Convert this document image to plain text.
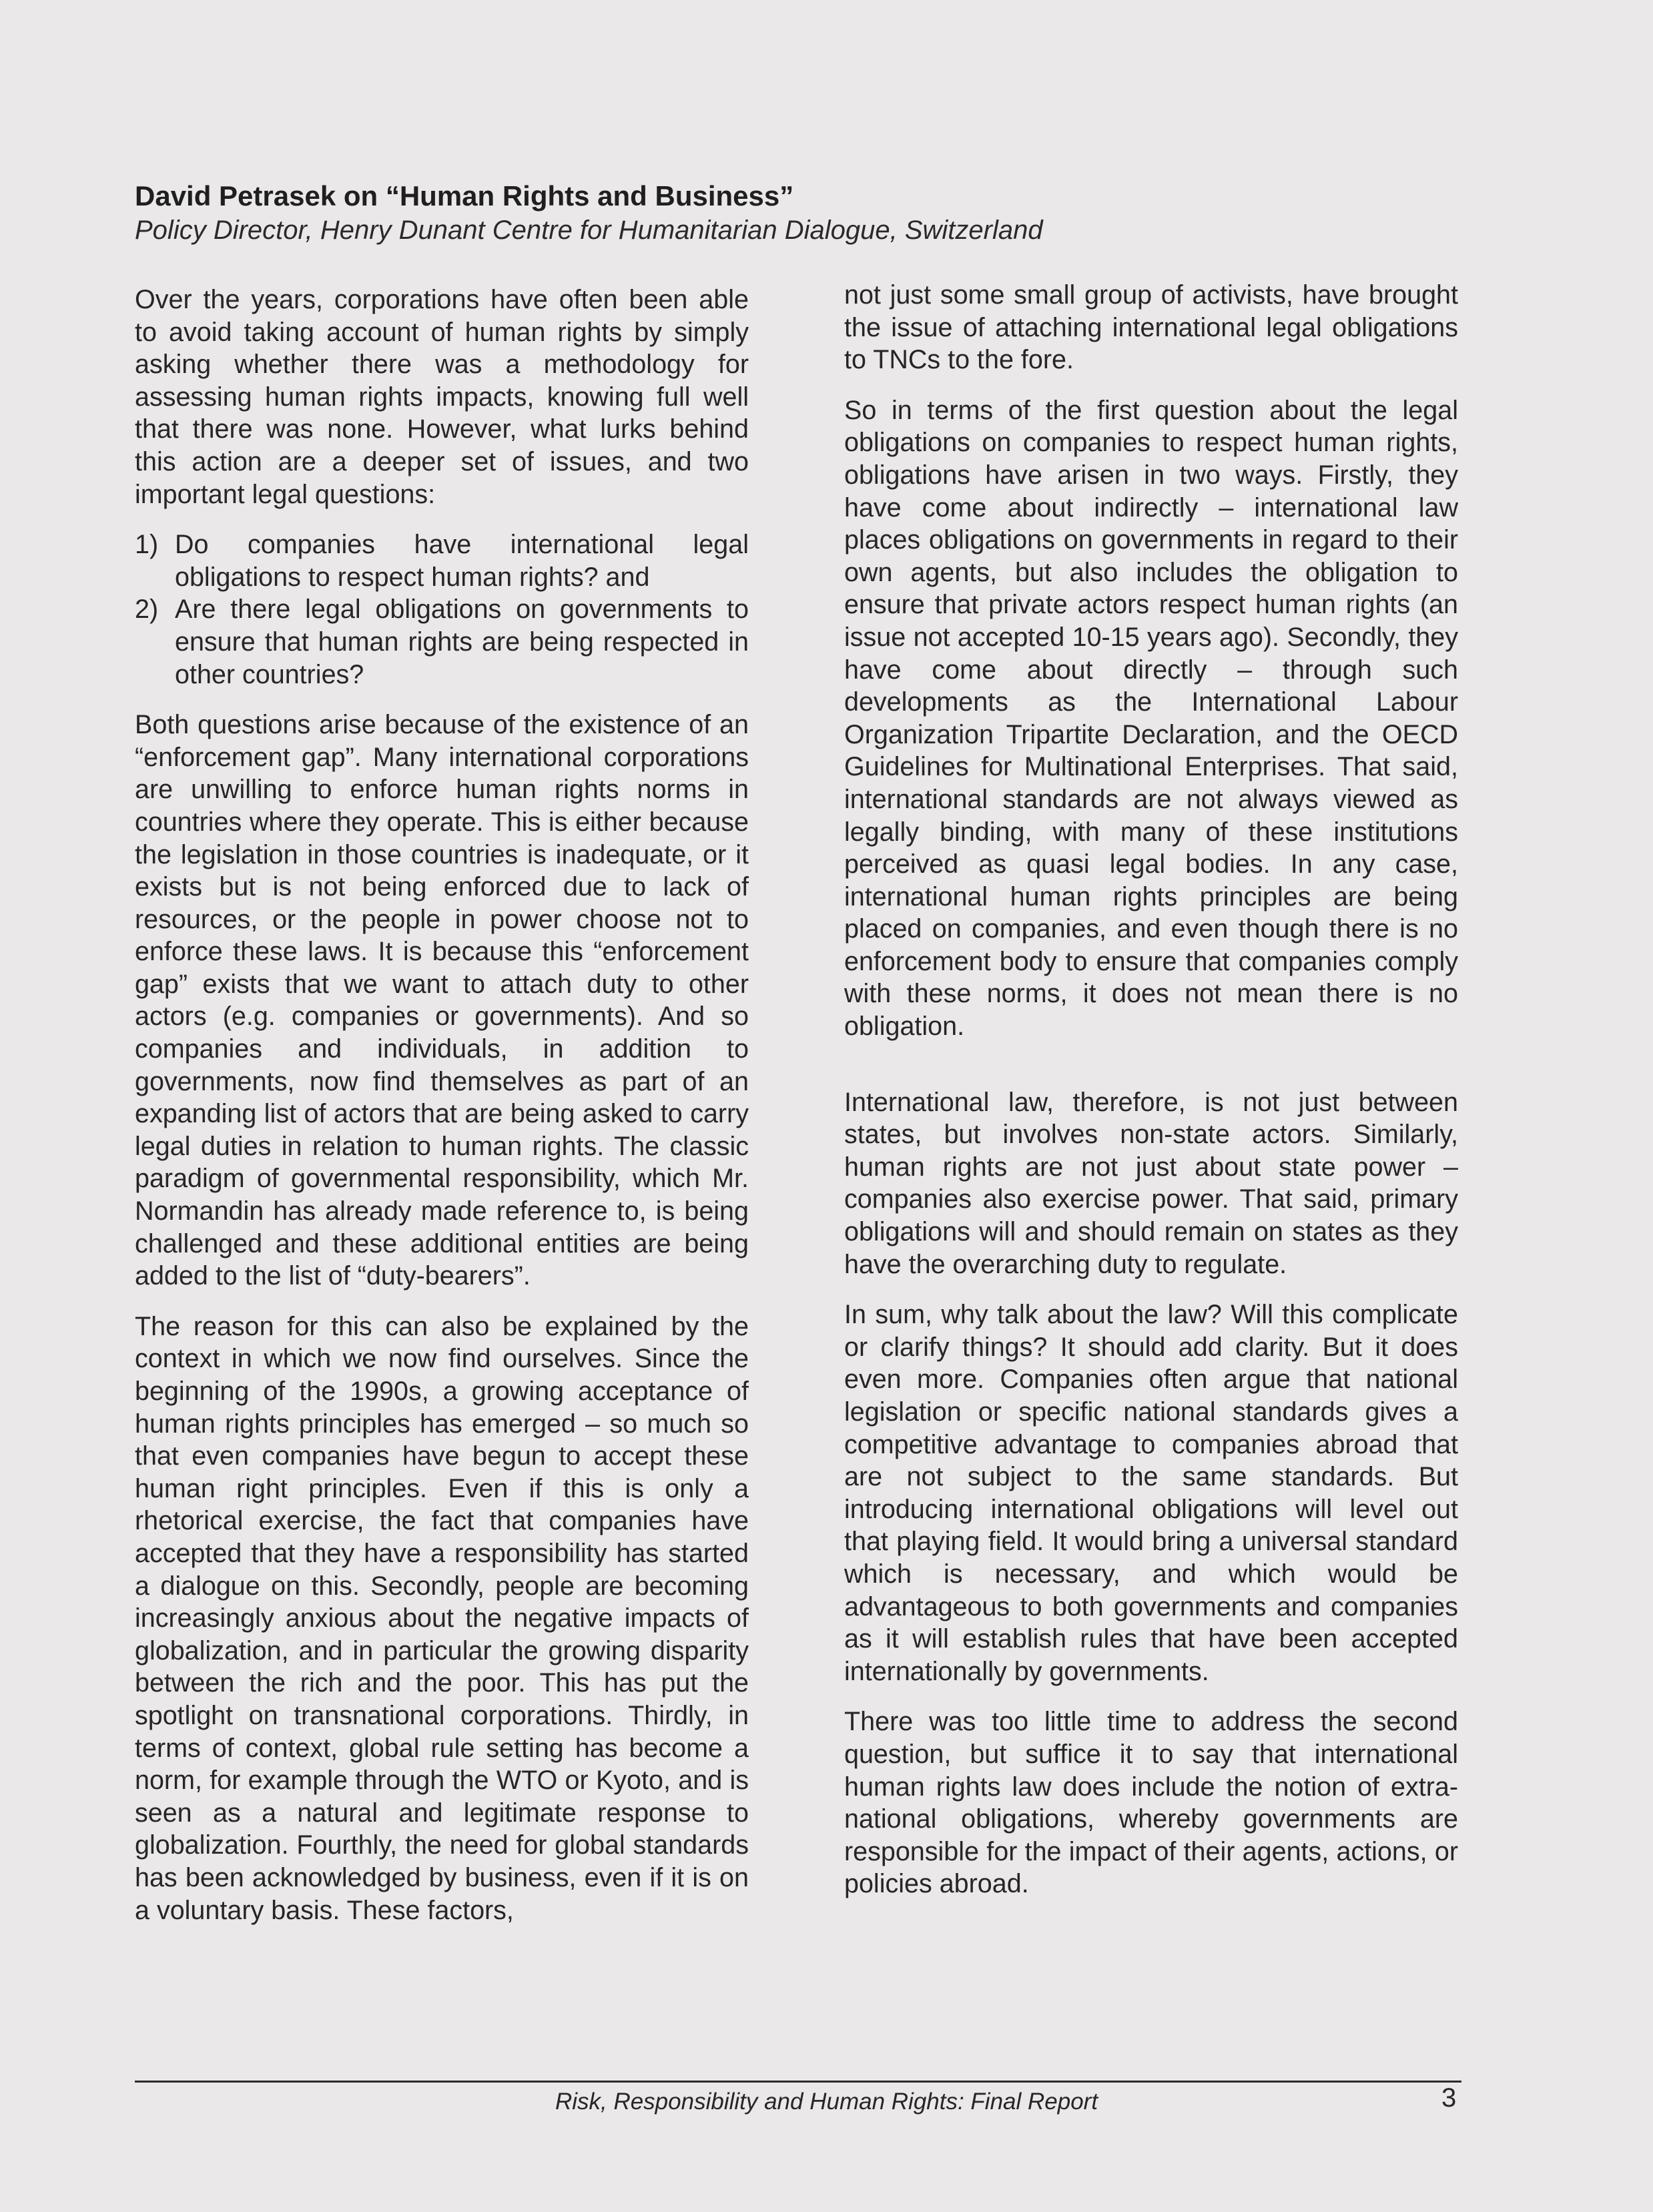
David Petrasek on “Human Rights and Business”

Policy Director, Henry Dunant Centre for Humanitarian Dialogue, Switzerland

Over the years, corporations have often been able to avoid taking account of human rights by simply asking whether there was a methodology for assessing human rights impacts, knowing full well that there was none. However, what lurks behind this action are a deeper set of issues, and two important legal questions:

1) Do companies have international legal obligations to respect human rights? and
2) Are there legal obligations on governments to ensure that human rights are being respected in other countries?

Both questions arise because of the existence of an “enforcement gap”. Many international corporations are unwilling to enforce human rights norms in countries where they operate. This is either because the legislation in those countries is inadequate, or it exists but is not being enforced due to lack of resources, or the people in power choose not to enforce these laws. It is because this “enforcement gap” exists that we want to attach duty to other actors (e.g. companies or governments). And so companies and individuals, in addition to governments, now find themselves as part of an expanding list of actors that are being asked to carry legal duties in relation to human rights. The classic paradigm of governmental responsibility, which Mr. Normandin has already made reference to, is being challenged and these additional entities are being added to the list of “duty-bearers”.

The reason for this can also be explained by the context in which we now find ourselves. Since the beginning of the 1990s, a growing acceptance of human rights principles has emerged – so much so that even companies have begun to accept these human right principles. Even if this is only a rhetorical exercise, the fact that companies have accepted that they have a responsibility has started a dialogue on this. Secondly, people are becoming increasingly anxious about the negative impacts of globalization, and in particular the growing disparity between the rich and the poor. This has put the spotlight on transnational corporations. Thirdly, in terms of context, global rule setting has become a norm, for example through the WTO or Kyoto, and is seen as a natural and legitimate response to globalization. Fourthly, the need for global standards has been acknowledged by business, even if it is on a voluntary basis. These factors,

not just some small group of activists, have brought the issue of attaching international legal obligations to TNCs to the fore.

So in terms of the first question about the legal obligations on companies to respect human rights, obligations have arisen in two ways. Firstly, they have come about indirectly – international law places obligations on governments in regard to their own agents, but also includes the obligation to ensure that private actors respect human rights (an issue not accepted 10-15 years ago). Secondly, they have come about directly – through such developments as the International Labour Organization Tripartite Declaration, and the OECD Guidelines for Multinational Enterprises. That said, international standards are not always viewed as legally binding, with many of these institutions perceived as quasi legal bodies. In any case, international human rights principles are being placed on companies, and even though there is no enforcement body to ensure that companies comply with these norms, it does not mean there is no obligation.

International law, therefore, is not just between states, but involves non-state actors. Similarly, human rights are not just about state power – companies also exercise power. That said, primary obligations will and should remain on states as they have the overarching duty to regulate.

In sum, why talk about the law? Will this complicate or clarify things? It should add clarity. But it does even more. Companies often argue that national legislation or specific national standards gives a competitive advantage to companies abroad that are not subject to the same standards. But introducing international obligations will level out that playing field. It would bring a universal standard which is necessary, and which would be advantageous to both governments and companies as it will establish rules that have been accepted internationally by governments.

There was too little time to address the second question, but suffice it to say that international human rights law does include the notion of extra-national obligations, whereby governments are responsible for the impact of their agents, actions, or policies abroad.

Risk, Responsibility and Human Rights: Final Report	3
